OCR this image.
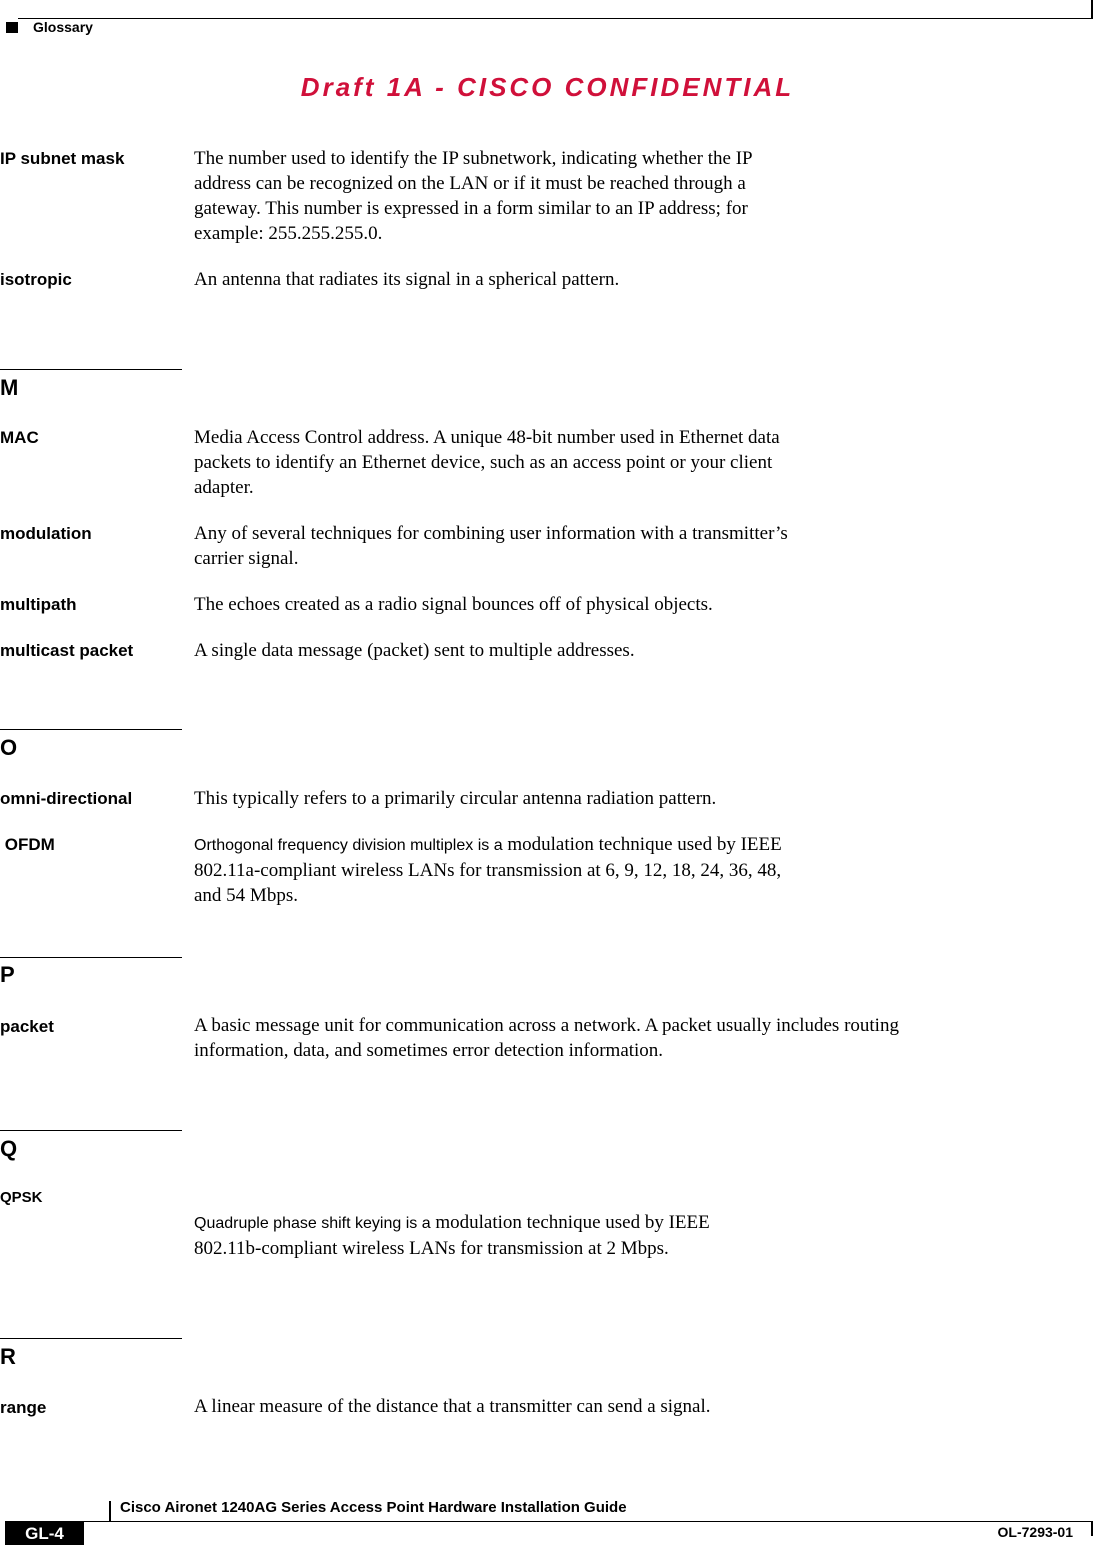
Glossary
Draft 1A - CISCO CONFIDENTIAL
IP subnet mask	The number used to identify the IP subnetwork, indicating whether the IP
address can be recognized on the LAN or if it must be reached through a
gateway. This number is expressed in a form similar to an IP address; for
example: 255.255.255.0.
isotropic	An antenna that radiates its signal in a spherical pattern.
M
MAC	Media Access Control address. A unique 48-bit number used in Ethernet data
packets to identify an Ethernet device, such as an access point or your client
adapter.
modulation	Any of several techniques for combining user information with a transmitter’s
carrier signal.
multipath	The echoes created as a radio signal bounces off of physical objects.
multicast packet	A single data message (packet) sent to multiple addresses.
O
omni-directional	This typically refers to a primarily circular antenna radiation pattern.
OFDM	Orthogonal frequency division multiplex is a modulation technique used by IEEE
802.11a-compliant wireless LANs for transmission at 6, 9, 12, 18, 24, 36, 48,
and 54 Mbps.
P
packet	A basic message unit for communication across a network. A packet usually includes routing
information, data, and sometimes error detection information.
Q
QPSK
Quadruple phase shift keying is a modulation technique used by IEEE
802.11b-compliant wireless LANs for transmission at 2 Mbps.
R
range	A linear measure of the distance that a transmitter can send a signal.
Cisco Aironet 1240AG Series Access Point Hardware Installation Guide
GL-4	OL-7293-01
